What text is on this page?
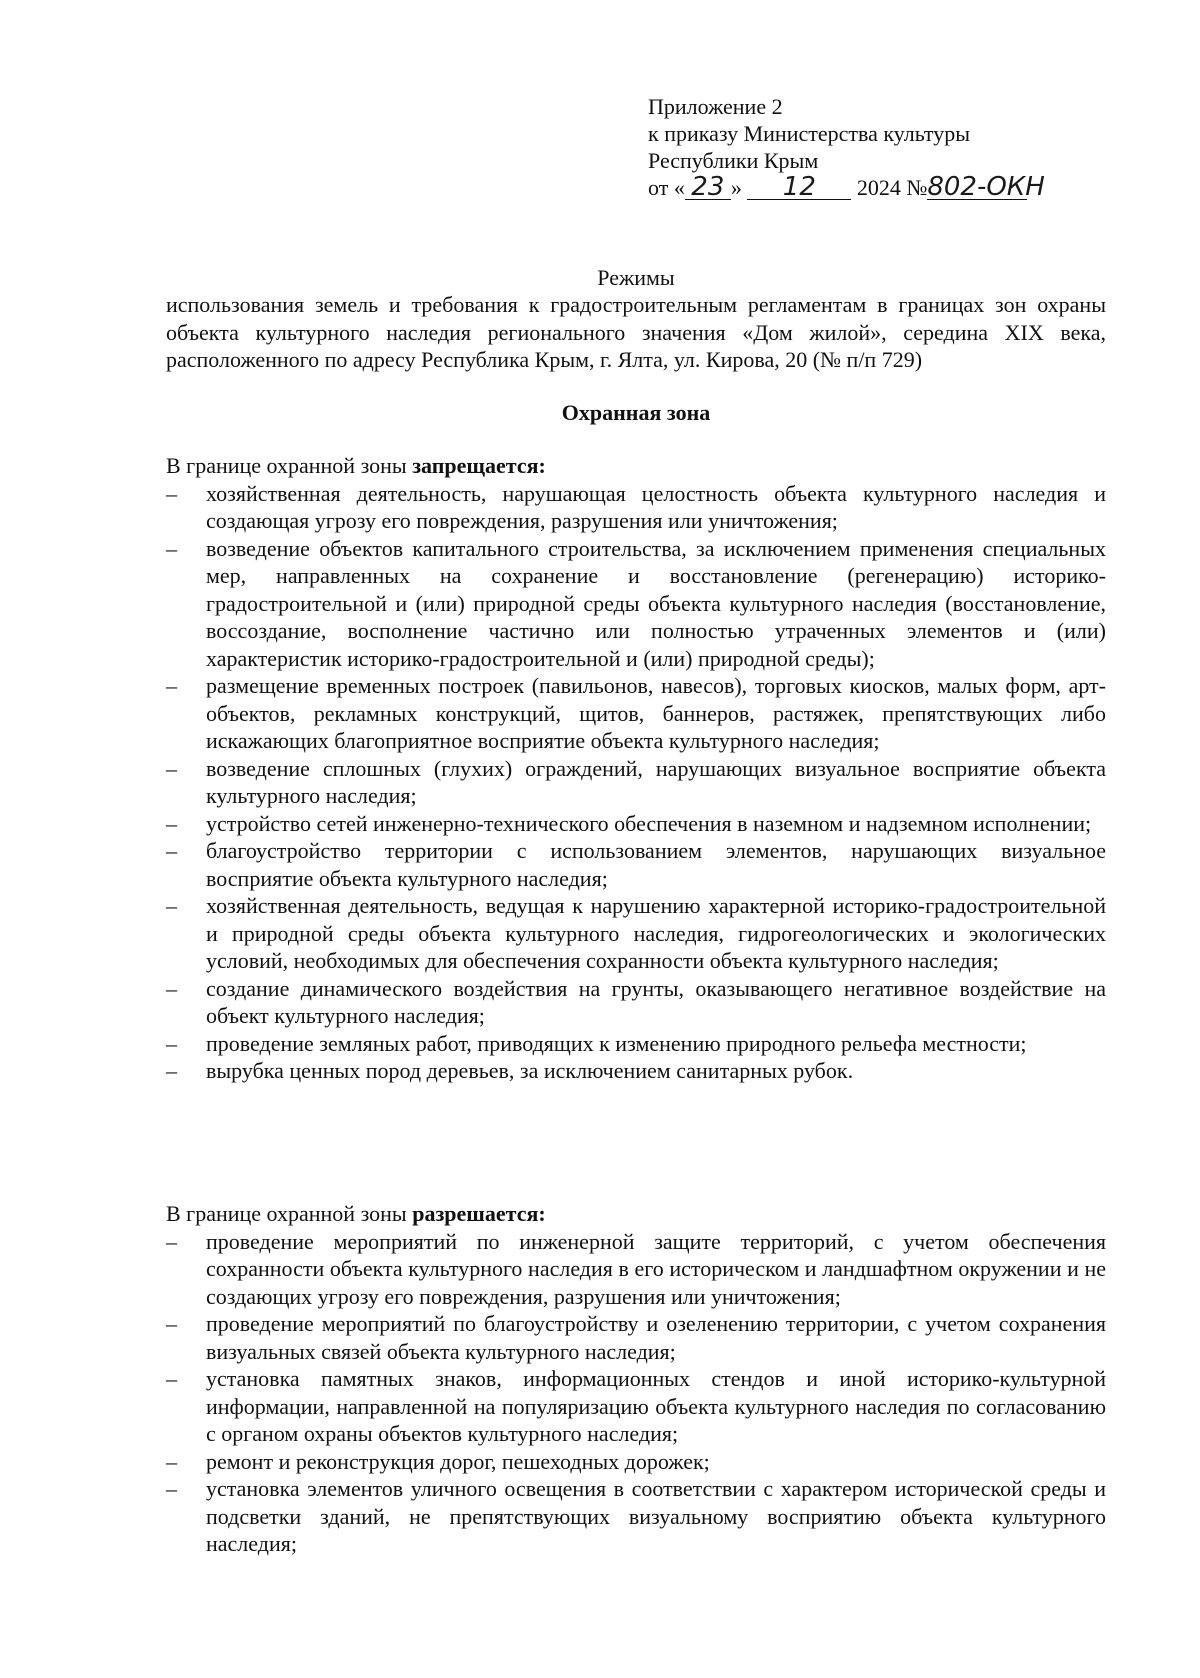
Приложение 2
к приказу Министерства культуры
Республики Крым
от « 23 » 12 2024 №802-ОКН
Режимы
использования земель и требования к градостроительным регламентам в границах зон охраны объекта культурного наследия регионального значения «Дом жилой», середина XIX века, расположенного по адресу Республика Крым, г. Ялта, ул. Кирова, 20 (№ п/п 729)
Охранная зона

В границе охранной зоны запрещается:

– хозяйственная деятельность, нарушающая целостность объекта культурного наследия и создающая угрозу его повреждения, разрушения или уничтожения;
– возведение объектов капитального строительства, за исключением применения специальных мер, направленных на сохранение и восстановление (регенерацию) историко-градостроительной и (или) природной среды объекта культурного наследия (восстановление, воссоздание, восполнение частично или полностью утраченных элементов и (или) характеристик историко-градостроительной и (или) природной среды);
– размещение временных построек (павильонов, навесов), торговых киосков, малых форм, арт-объектов, рекламных конструкций, щитов, баннеров, растяжек, препятствующих либо искажающих благоприятное восприятие объекта культурного наследия;
– возведение сплошных (глухих) ограждений, нарушающих визуальное восприятие объекта культурного наследия;
– устройство сетей инженерно-технического обеспечения в наземном и надземном исполнении;
– благоустройство территории с использованием элементов, нарушающих визуальное восприятие объекта культурного наследия;
– хозяйственная деятельность, ведущая к нарушению характерной историко-градостроительной и природной среды объекта культурного наследия, гидрогеологических и экологических условий, необходимых для обеспечения сохранности объекта культурного наследия;
– создание динамического воздействия на грунты, оказывающего негативное воздействие на объект культурного наследия;
– проведение земляных работ, приводящих к изменению природного рельефа местности;
– вырубка ценных пород деревьев, за исключением санитарных рубок.

В границе охранной зоны разрешается:

– проведение мероприятий по инженерной защите территорий, с учетом обеспечения сохранности объекта культурного наследия в его историческом и ландшафтном окружении и не создающих угрозу его повреждения, разрушения или уничтожения;
– проведение мероприятий по благоустройству и озеленению территории, с учетом сохранения визуальных связей объекта культурного наследия;
– установка памятных знаков, информационных стендов и иной историко-культурной информации, направленной на популяризацию объекта культурного наследия по согласованию с органом охраны объектов культурного наследия;
– ремонт и реконструкция дорог, пешеходных дорожек;
– установка элементов уличного освещения в соответствии с характером исторической среды и подсветки зданий, не препятствующих визуальному восприятию объекта культурного наследия;
